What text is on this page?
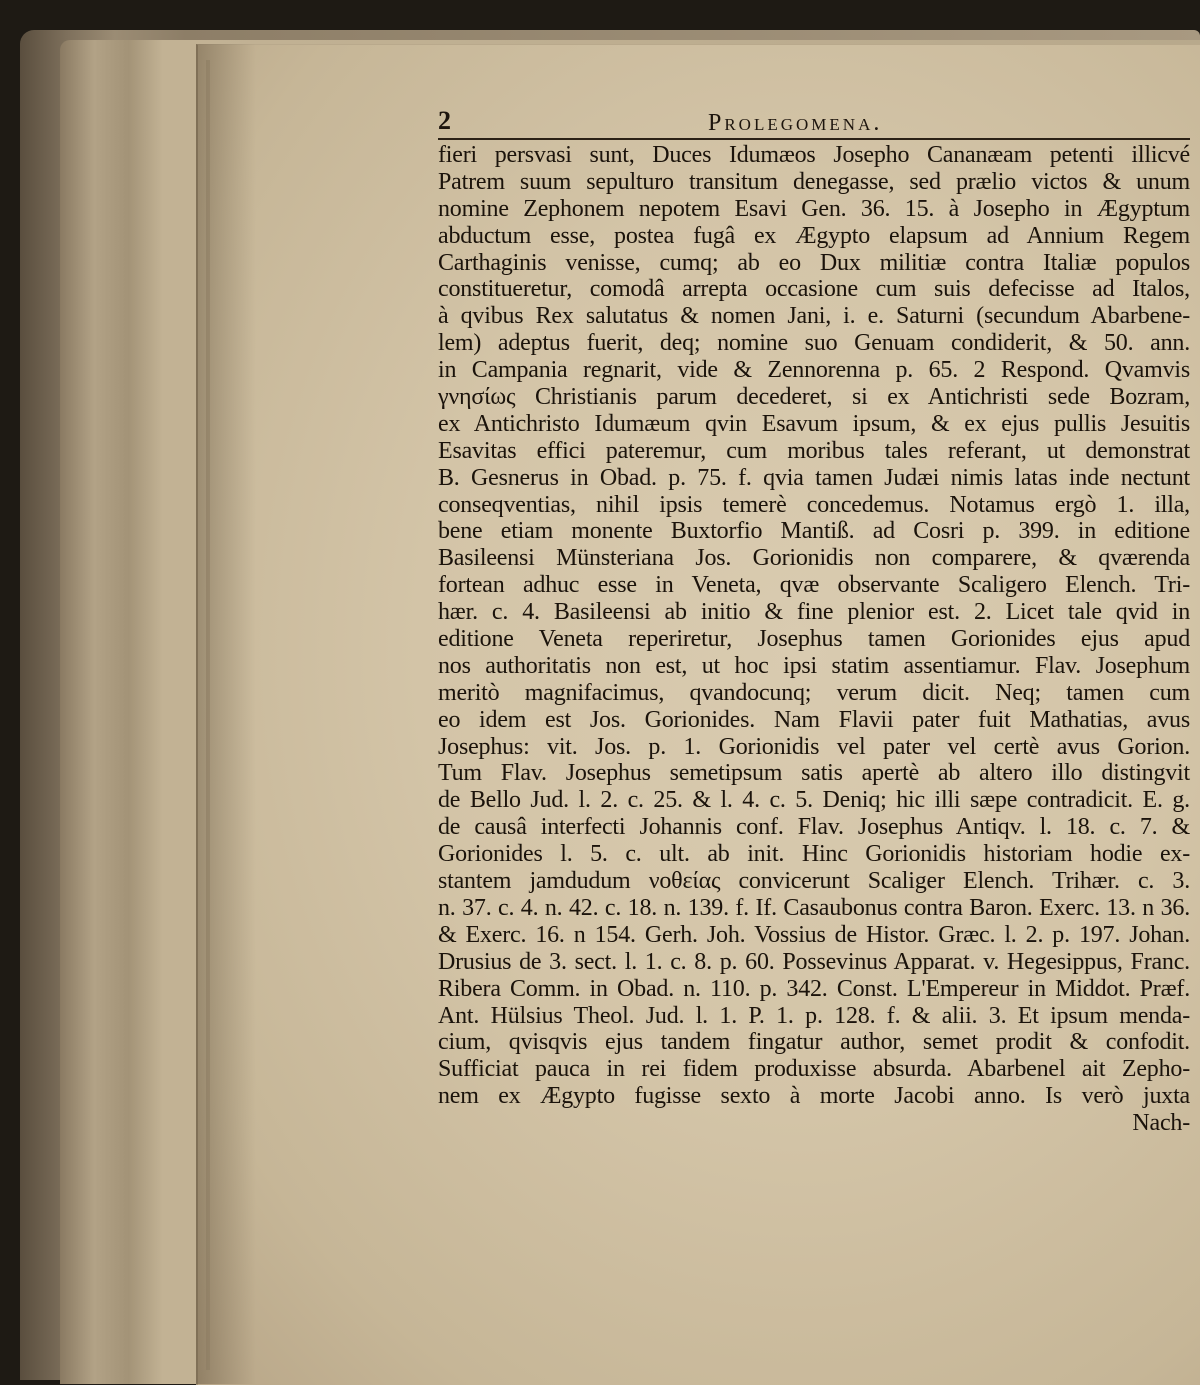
2	Prolegomena.
fieri persvasi sunt, Duces Idumæos Josepho Cananæam petenti illicvé
Patrem suum sepulturo transitum denegasse, sed prælio victos & unum
nomine Zephonem nepotem Esavi Gen. 36. 15. à Josepho in Ægyptum
abductum esse, postea fugâ ex Ægypto elapsum ad Annium Regem
Carthaginis venisse, cumq; ab eo Dux militiæ contra Italiæ populos
constitueretur, comodâ arrepta occasione cum suis defecisse ad Italos,
à qvibus Rex salutatus & nomen Jani, i. e. Saturni (secundum Abarbene-
lem) adeptus fuerit, deq; nomine suo Genuam condiderit, & 50. ann.
in Campania regnarit, vide & Zennorenna p. 65. 2 Respond. Qvamvis
γνησίως Christianis parum decederet, si ex Antichristi sede Bozram,
ex Antichristo Idumæum qvin Esavum ipsum, & ex ejus pullis Jesuitis
Esavitas effici pateremur, cum moribus tales referant, ut demonstrat
B. Gesnerus in Obad. p. 75. f. qvia tamen Judæi nimis latas inde nectunt
conseqventias, nihil ipsis temerè concedemus. Notamus ergò 1. illa,
bene etiam monente Buxtorfio Mantiß. ad Cosri p. 399. in editione
Basileensi Münsteriana Jos. Gorionidis non comparere, & qværenda
fortean adhuc esse in Veneta, qvæ observante Scaligero Elench. Tri-
hær. c. 4. Basileensi ab initio & fine plenior est. 2. Licet tale qvid in
editione Veneta reperiretur, Josephus tamen Gorionides ejus apud
nos authoritatis non est, ut hoc ipsi statim assentiamur. Flav. Josephum
meritò magnifacimus, qvandocunq; verum dicit. Neq; tamen cum
eo idem est Jos. Gorionides. Nam Flavii pater fuit Mathatias, avus
Josephus: vit. Jos. p. 1. Gorionidis vel pater vel certè avus Gorion.
Tum Flav. Josephus semetipsum satis apertè ab altero illo distingvit
de Bello Jud. l. 2. c. 25. & l. 4. c. 5. Deniq; hic illi sæpe contradicit. E. g.
de causâ interfecti Johannis conf. Flav. Josephus Antiqv. l. 18. c. 7. &
Gorionides l. 5. c. ult. ab init. Hinc Gorionidis historiam hodie ex-
stantem jamdudum νοθείας convicerunt Scaliger Elench. Trihær. c. 3.
n. 37. c. 4. n. 42. c. 18. n. 139. f. If. Casaubonus contra Baron. Exerc. 13. n 36.
& Exerc. 16. n 154. Gerh. Joh. Vossius de Histor. Græc. l. 2. p. 197. Johan.
Drusius de 3. sect. l. 1. c. 8. p. 60. Possevinus Apparat. v. Hegesippus, Franc.
Ribera Comm. in Obad. n. 110. p. 342. Const. L'Empereur in Middot. Præf.
Ant. Hülsius Theol. Jud. l. 1. P. 1. p. 128. f. & alii. 3. Et ipsum menda-
cium, qvisqvis ejus tandem fingatur author, semet prodit & confodit.
Sufficiat pauca in rei fidem produxisse absurda. Abarbenel ait Zepho-
nem ex Ægypto fugisse sexto à morte Jacobi anno. Is verò juxta
Nach-
